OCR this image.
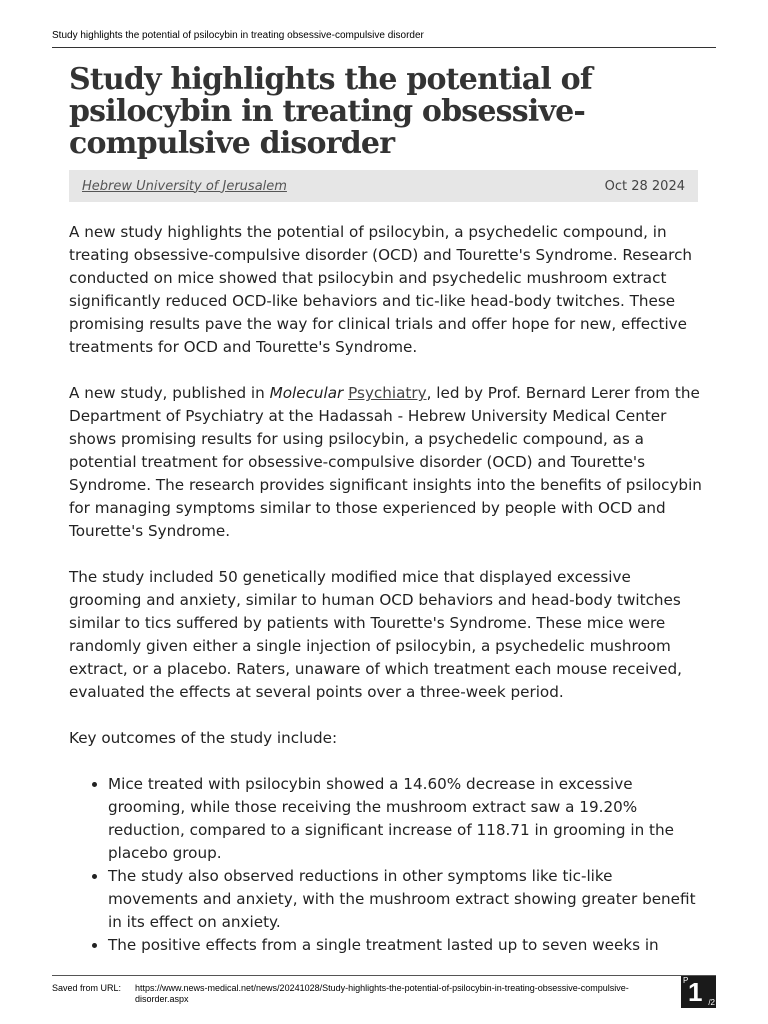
Study highlights the potential of psilocybin in treating obsessive-compulsive disorder
Study highlights the potential of psilocybin in treating obsessive-compulsive disorder
Hebrew University of Jerusalem	Oct 28 2024

A new study highlights the potential of psilocybin, a psychedelic compound, in treating obsessive-compulsive disorder (OCD) and Tourette's Syndrome. Research conducted on mice showed that psilocybin and psychedelic mushroom extract significantly reduced OCD-like behaviors and tic-like head-body twitches. These promising results pave the way for clinical trials and offer hope for new, effective treatments for OCD and Tourette's Syndrome.

A new study, published in Molecular Psychiatry, led by Prof. Bernard Lerer from the Department of Psychiatry at the Hadassah - Hebrew University Medical Center shows promising results for using psilocybin, a psychedelic compound, as a potential treatment for obsessive-compulsive disorder (OCD) and Tourette's Syndrome. The research provides significant insights into the benefits of psilocybin for managing symptoms similar to those experienced by people with OCD and Tourette's Syndrome.

The study included 50 genetically modified mice that displayed excessive grooming and anxiety, similar to human OCD behaviors and head-body twitches similar to tics suffered by patients with Tourette's Syndrome. These mice were randomly given either a single injection of psilocybin, a psychedelic mushroom extract, or a placebo. Raters, unaware of which treatment each mouse received, evaluated the effects at several points over a three-week period.

Key outcomes of the study include:

• Mice treated with psilocybin showed a 14.60% decrease in excessive grooming, while those receiving the mushroom extract saw a 19.20% reduction, compared to a significant increase of 118.71 in grooming in the placebo group.
• The study also observed reductions in other symptoms like tic-like movements and anxiety, with the mushroom extract showing greater benefit in its effect on anxiety.
• The positive effects from a single treatment lasted up to seven weeks in
Saved from URL:	https://www.news-medical.net/news/20241028/Study-highlights-the-potential-of-psilocybin-in-treating-obsessive-compulsive-disorder.aspx
P 1 /2
